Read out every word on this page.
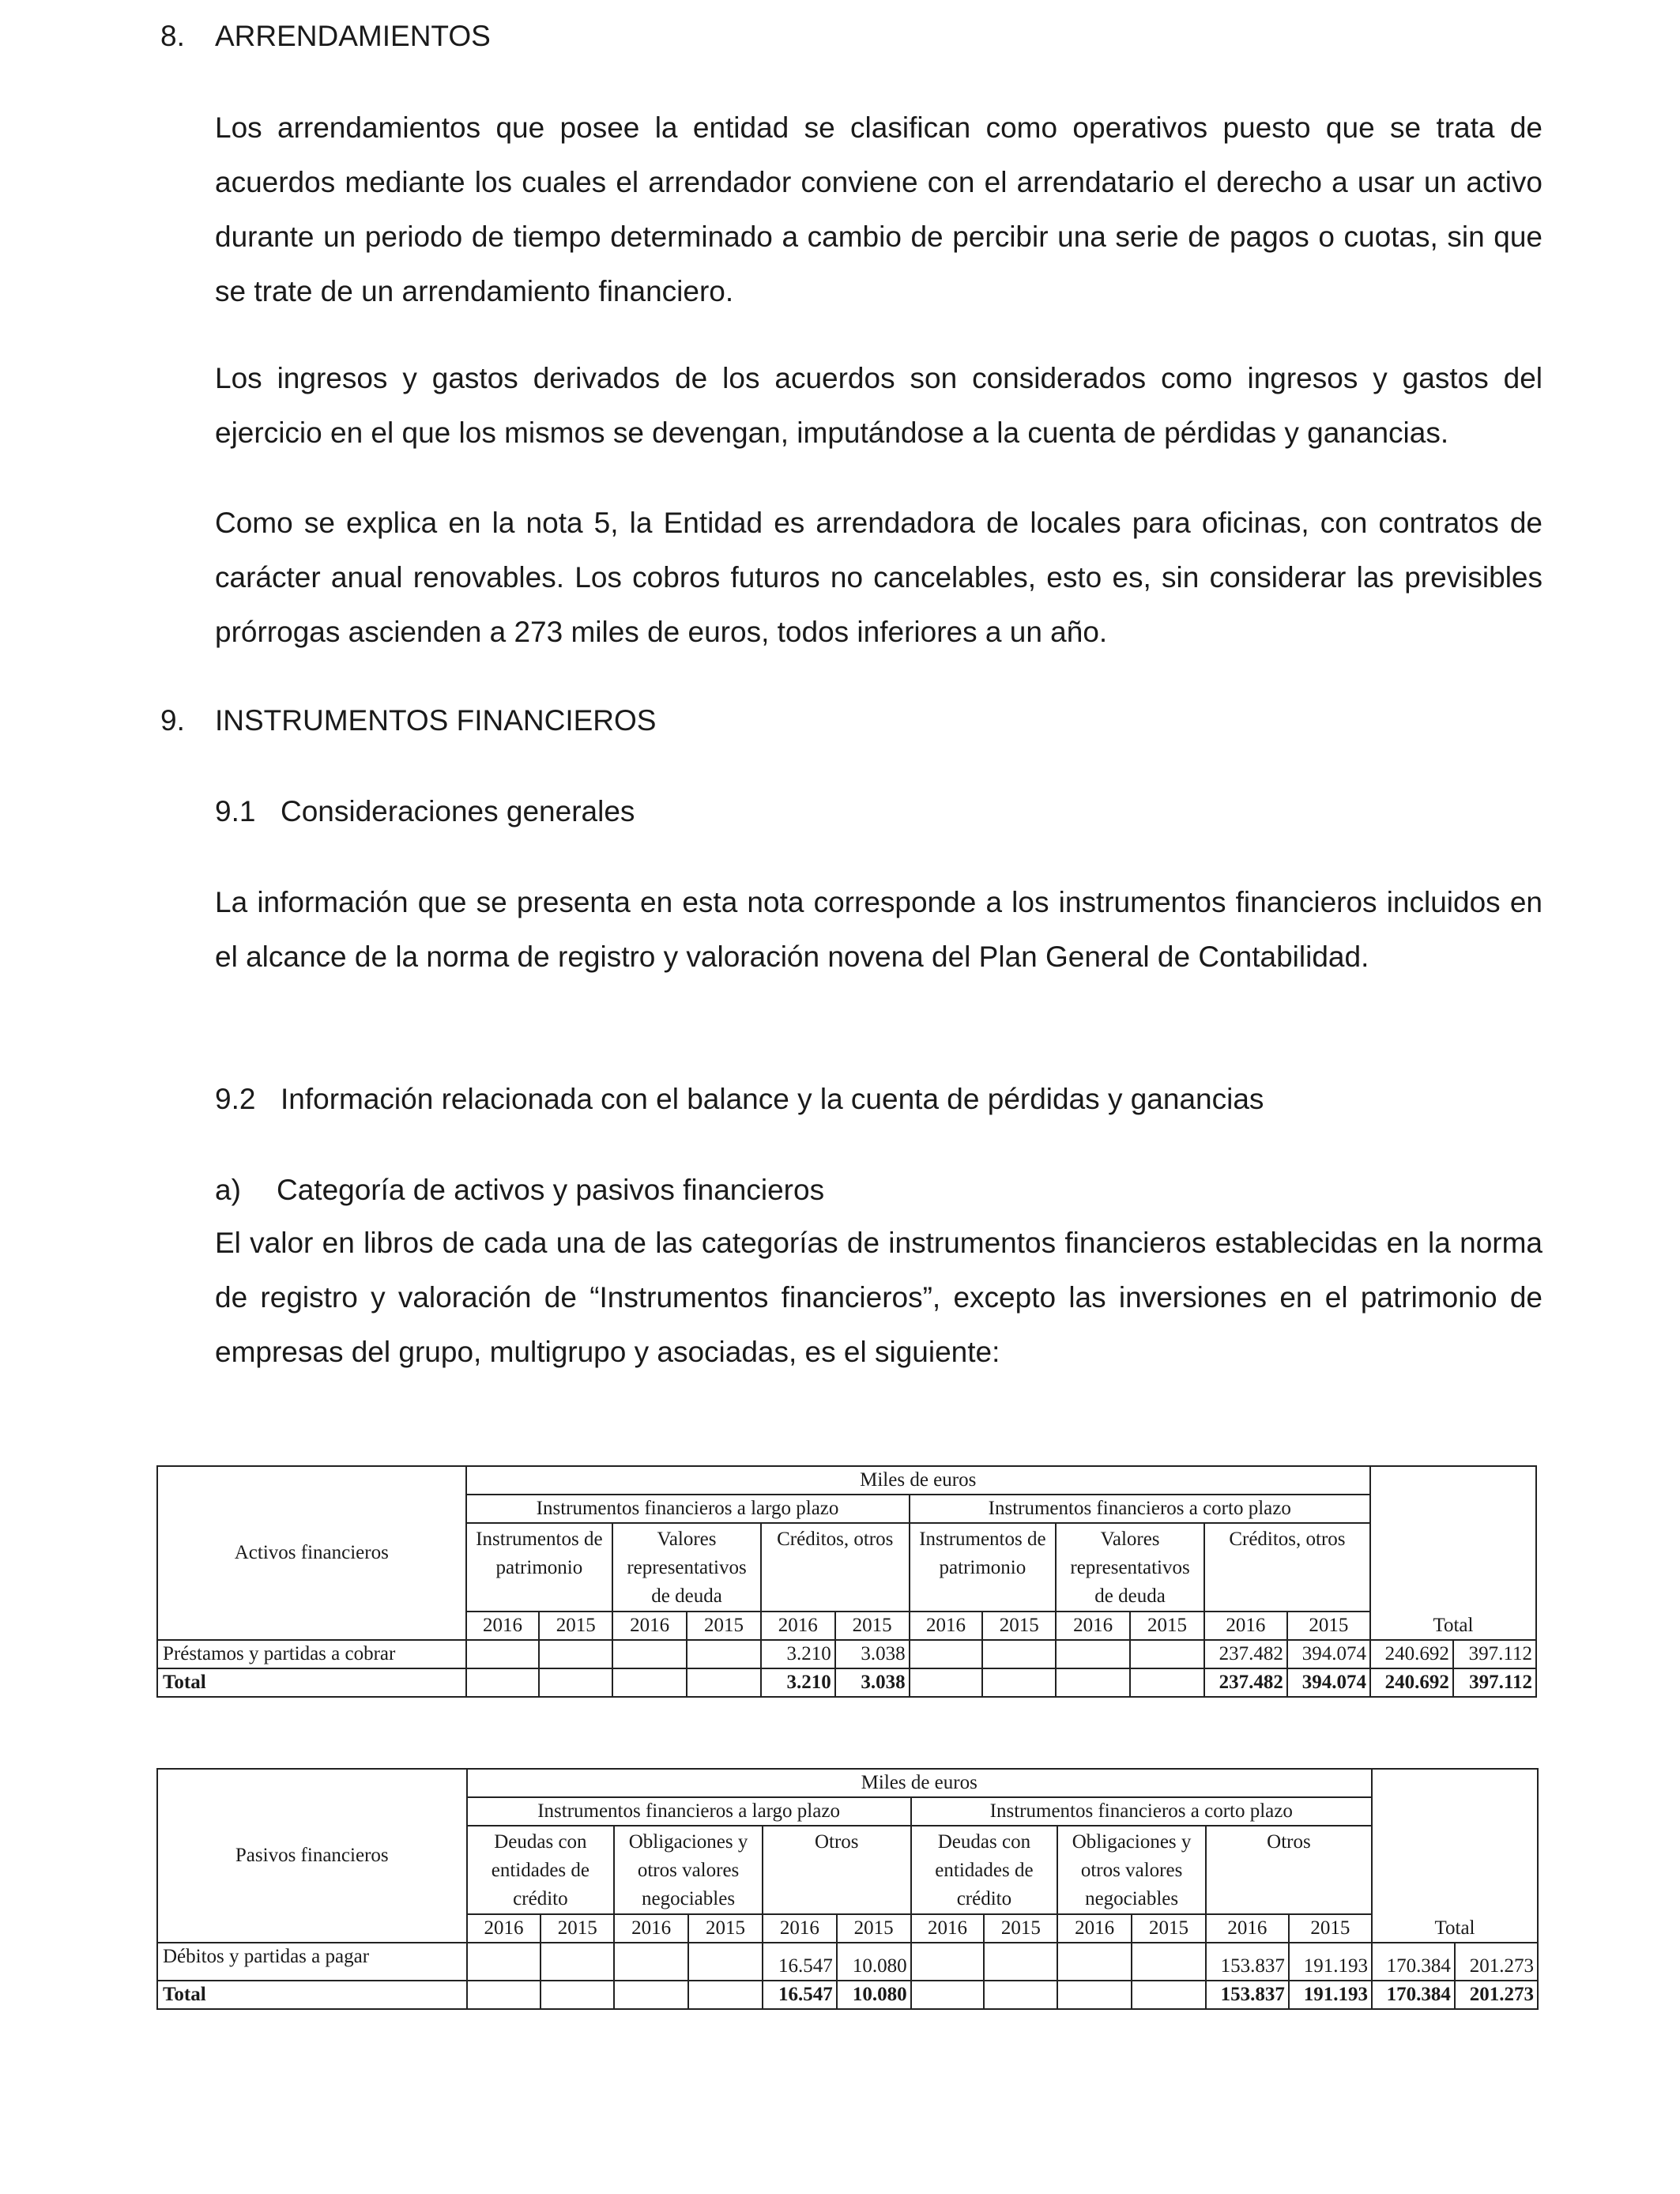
8. ARRENDAMIENTOS
Los arrendamientos que posee la entidad se clasifican como operativos puesto que se trata de acuerdos mediante los cuales el arrendador conviene con el arrendatario el derecho a usar un activo durante un periodo de tiempo determinado a cambio de percibir una serie de pagos o cuotas, sin que se trate de un arrendamiento financiero.
Los ingresos y gastos derivados de los acuerdos son considerados como ingresos y gastos del ejercicio en el que los mismos se devengan, imputándose a la cuenta de pérdidas y ganancias.
Como se explica en la nota 5, la Entidad es arrendadora de locales para oficinas, con contratos de carácter anual renovables. Los cobros futuros no cancelables, esto es, sin considerar las previsibles prórrogas ascienden a 273 miles de euros, todos inferiores a un año.
9. INSTRUMENTOS FINANCIEROS
9.1 Consideraciones generales
La información que se presenta en esta nota corresponde a los instrumentos financieros incluidos en el alcance de la norma de registro y valoración novena del Plan General de Contabilidad.
9.2 Información relacionada con el balance y la cuenta de pérdidas y ganancias
a) Categoría de activos y pasivos financieros
El valor en libros de cada una de las categorías de instrumentos financieros establecidas en la norma de registro y valoración de “Instrumentos financieros”, excepto las inversiones en el patrimonio de empresas del grupo, multigrupo y asociadas, es el siguiente:
Activos financieros	Miles de euros												Total	
	Instrumentos financieros a largo plazo						Instrumentos financieros a corto plazo							
	Instrumentos de patrimonio		Valores representativos de deuda		Créditos, otros		Instrumentos de patrimonio		Valores representativos de deuda		Créditos, otros			
	2016	2015	2016	2015	2016	2015	2016	2015	2016	2015	2016	2015		
Préstamos y partidas a cobrar					3.210	3.038					237.482	394.074	240.692	397.112
Total					3.210	3.038					237.482	394.074	240.692	397.112
Pasivos financieros	Miles de euros												Total	
	Instrumentos financieros a largo plazo						Instrumentos financieros a corto plazo							
	Deudas con entidades de crédito		Obligaciones y otros valores negociables		Otros		Deudas con entidades de crédito		Obligaciones y otros valores negociables		Otros			
	2016	2015	2016	2015	2016	2015	2016	2015	2016	2015	2016	2015		
Débitos y partidas a pagar					16.547	10.080					153.837	191.193	170.384	201.273
Total					16.547	10.080					153.837	191.193	170.384	201.273
